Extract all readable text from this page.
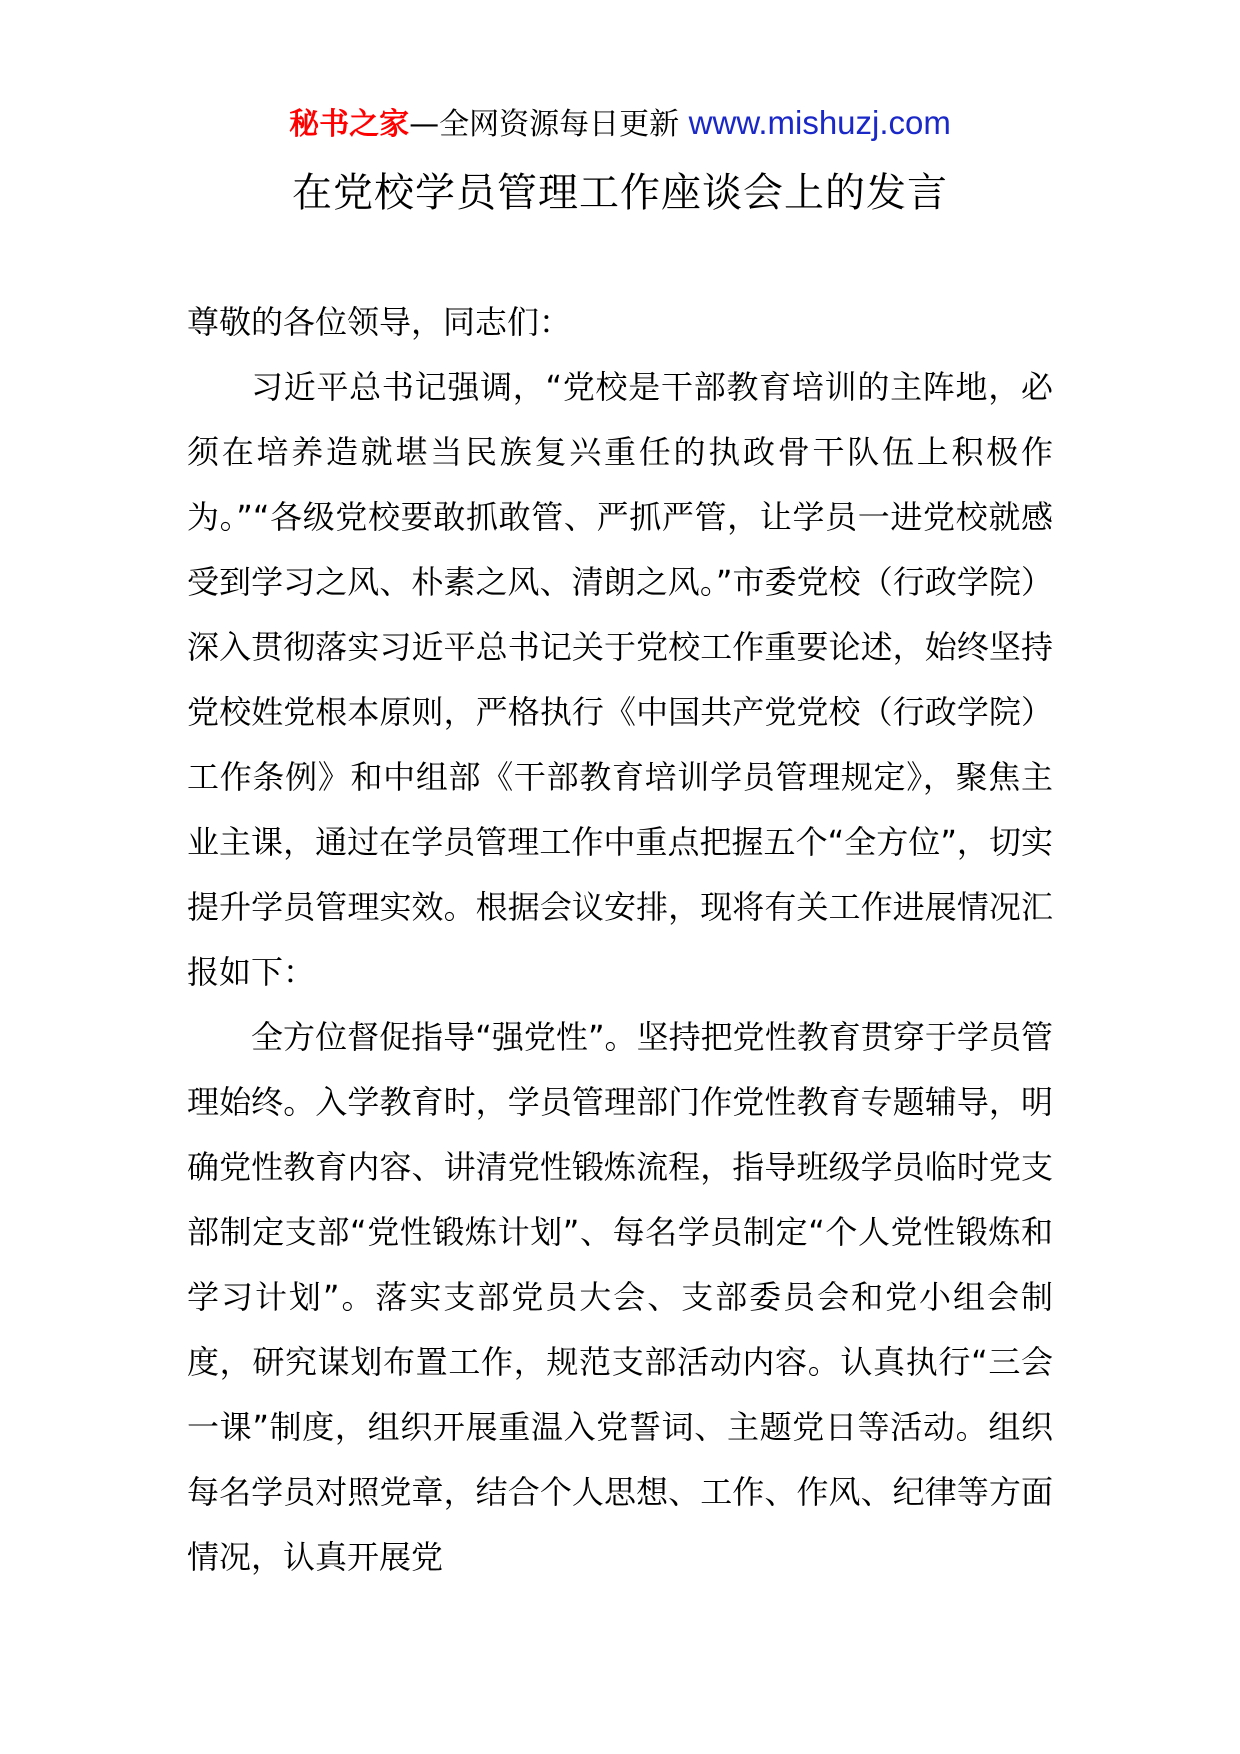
秘书之家—全网资源每日更新 www.mishuzj.com
在党校学员管理工作座谈会上的发言

尊敬的各位领导，同志们：

习近平总书记强调，“党校是干部教育培训的主阵地，必须在培养造就堪当民族复兴重任的执政骨干队伍上积极作为。”“各级党校要敢抓敢管、严抓严管，让学员一进党校就感受到学习之风、朴素之风、清朗之风。”市委党校（行政学院）深入贯彻落实习近平总书记关于党校工作重要论述，始终坚持党校姓党根本原则，严格执行《中国共产党党校（行政学院）工作条例》和中组部《干部教育培训学员管理规定》，聚焦主业主课，通过在学员管理工作中重点把握五个“全方位”，切实提升学员管理实效。根据会议安排，现将有关工作进展情况汇报如下：

全方位督促指导“强党性”。坚持把党性教育贯穿于学员管理始终。入学教育时，学员管理部门作党性教育专题辅导，明确党性教育内容、讲清党性锻炼流程，指导班级学员临时党支部制定支部“党性锻炼计划”、每名学员制定“个人党性锻炼和学习计划”。落实支部党员大会、支部委员会和党小组会制度，研究谋划布置工作，规范支部活动内容。认真执行“三会一课”制度，组织开展重温入党誓词、主题党日等活动。组织每名学员对照党章，结合个人思想、工作、作风、纪律等方面情况，认真开展党
